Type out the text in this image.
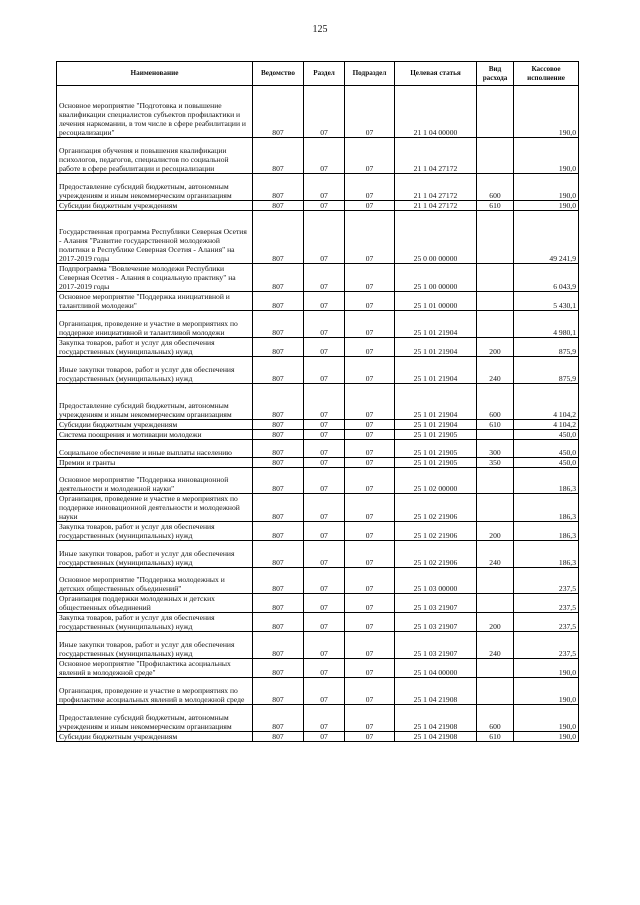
125
Наименование	Ведомство	Раздел	Подраздел	Целевая статья	Вид расхода	Кассовое исполнение
Основное мероприятие "Подготовка и повышение квалификации специалистов субъектов профилактики и лечения наркомании, в том числе в сфере реабилитации и ресоциализации"	807	07	07	21 1 04 00000		190,0
Организация обучения и повышения квалификации психологов, педагогов, специалистов по социальной работе в сфере реабилитации и ресоциализации	807	07	07	21 1 04 27172		190,0
Предоставление субсидий бюджетным, автономным учреждениям и иным некоммерческим организациям	807	07	07	21 1 04 27172	600	190,0
Субсидии бюджетным учреждениям	807	07	07	21 1 04 27172	610	190,0
Государственная программа Республики Северная Осетия - Алания "Развитие государственной молодежной политики в Республике Северная Осетия - Алания" на 2017-2019 годы	807	07	07	25 0 00 00000		49 241,9
Подпрограмма "Вовлечение молодежи Республики Северная Осетия - Алания в социальную практику" на 2017-2019 годы	807	07	07	25 1 00 00000		6 043,9
Основное мероприятие "Поддержка инициативной и талантливой молодежи"	807	07	07	25 1 01 00000		5 430,1
Организация, проведение и участие в мероприятиях по поддержке инициативной и талантливой молодежи	807	07	07	25 1 01 21904		4 980,1
Закупка товаров, работ и услуг для обеспечения государственных (муниципальных) нужд	807	07	07	25 1 01 21904	200	875,9
Иные закупки товаров, работ и услуг для обеспечения государственных (муниципальных) нужд	807	07	07	25 1 01 21904	240	875,9
Предоставление субсидий бюджетным, автономным учреждениям и иным некоммерческим организациям	807	07	07	25 1 01 21904	600	4 104,2
Субсидии бюджетным учреждениям	807	07	07	25 1 01 21904	610	4 104,2
Система поощрения и мотивации молодежи	807	07	07	25 1 01 21905		450,0
Социальное обеспечение и иные выплаты населению	807	07	07	25 1 01 21905	300	450,0
Премии и гранты	807	07	07	25 1 01 21905	350	450,0
Основное мероприятие "Поддержка инновационной деятельности и молодежной науки"	807	07	07	25 1 02 00000		186,3
Организация, проведение и участие в мероприятиях по поддержке инновационной деятельности и молодежной науки	807	07	07	25 1 02 21906		186,3
Закупка товаров, работ и услуг для обеспечения государственных (муниципальных) нужд	807	07	07	25 1 02 21906	200	186,3
Иные закупки товаров, работ и услуг для обеспечения государственных (муниципальных) нужд	807	07	07	25 1 02 21906	240	186,3
Основное мероприятие "Поддержка молодежных и детских общественных объединений"	807	07	07	25 1 03 00000		237,5
Организация поддержки молодежных и детских общественных объединений	807	07	07	25 1 03 21907		237,5
Закупка товаров, работ и услуг для обеспечения государственных (муниципальных) нужд	807	07	07	25 1 03 21907	200	237,5
Иные закупки товаров, работ и услуг для обеспечения государственных (муниципальных) нужд	807	07	07	25 1 03 21907	240	237,5
Основное мероприятие "Профилактика асоциальных явлений в молодежной среде"	807	07	07	25 1 04 00000		190,0
Организация, проведение и участие в мероприятиях по профилактике асоциальных явлений в молодежной среде	807	07	07	25 1 04 21908		190,0
Предоставление субсидий бюджетным, автономным учреждениям и иным некоммерческим организациям	807	07	07	25 1 04 21908	600	190,0
Субсидии бюджетным учреждениям	807	07	07	25 1 04 21908	610	190,0
